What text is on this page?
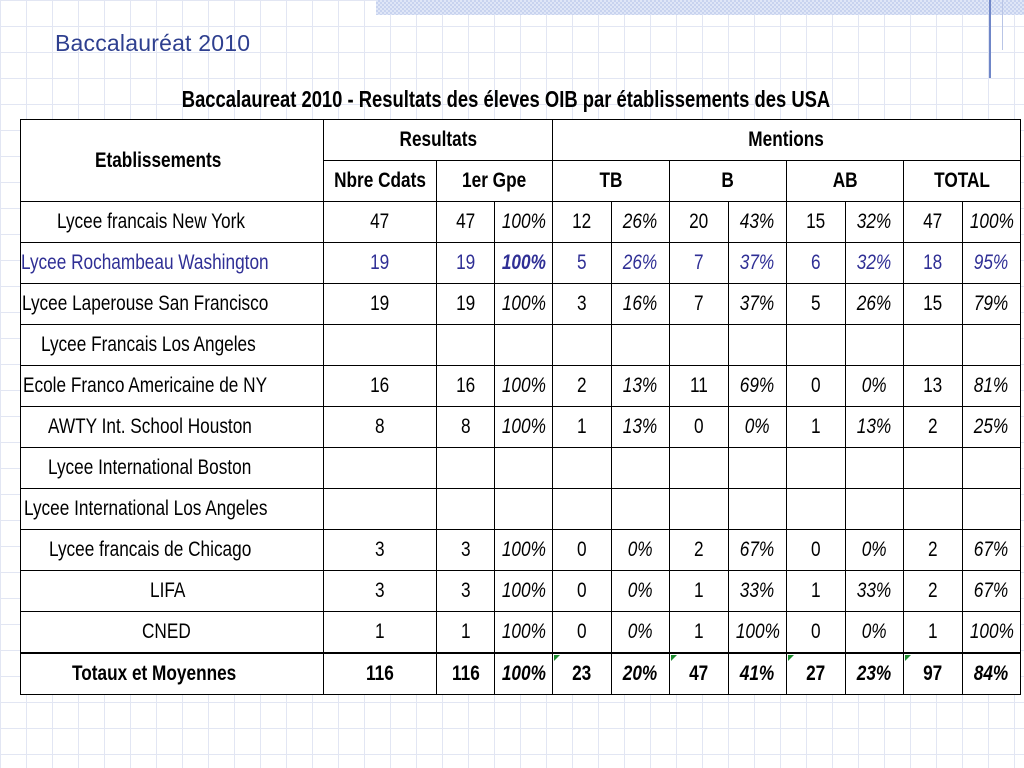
Baccalauréat 2010
Baccalaureat 2010 - Resultats des éleves OIB par établissements des USA
Etablissements	Resultats			Mentions							
	Nbre Cdats	1er Gpe		TB		B		AB		TOTAL	
Lycee francais New York	47	47	100%	12	26%	20	43%	15	32%	47	100%
Lycee Rochambeau Washington	19	19	100%	5	26%	7	37%	6	32%	18	95%
Lycee Laperouse San Francisco	19	19	100%	3	16%	7	37%	5	26%	15	79%
Lycee Francais Los Angeles											
Ecole Franco Americaine de NY	16	16	100%	2	13%	11	69%	0	0%	13	81%
AWTY Int. School Houston	8	8	100%	1	13%	0	0%	1	13%	2	25%
Lycee International Boston											
Lycee International Los Angeles											
Lycee francais de Chicago	3	3	100%	0	0%	2	67%	0	0%	2	67%
LIFA	3	3	100%	0	0%	1	33%	1	33%	2	67%
CNED	1	1	100%	0	0%	1	100%	0	0%	1	100%
Totaux et Moyennes	116	116	100%	23	20%	47	41%	27	23%	97	84%
